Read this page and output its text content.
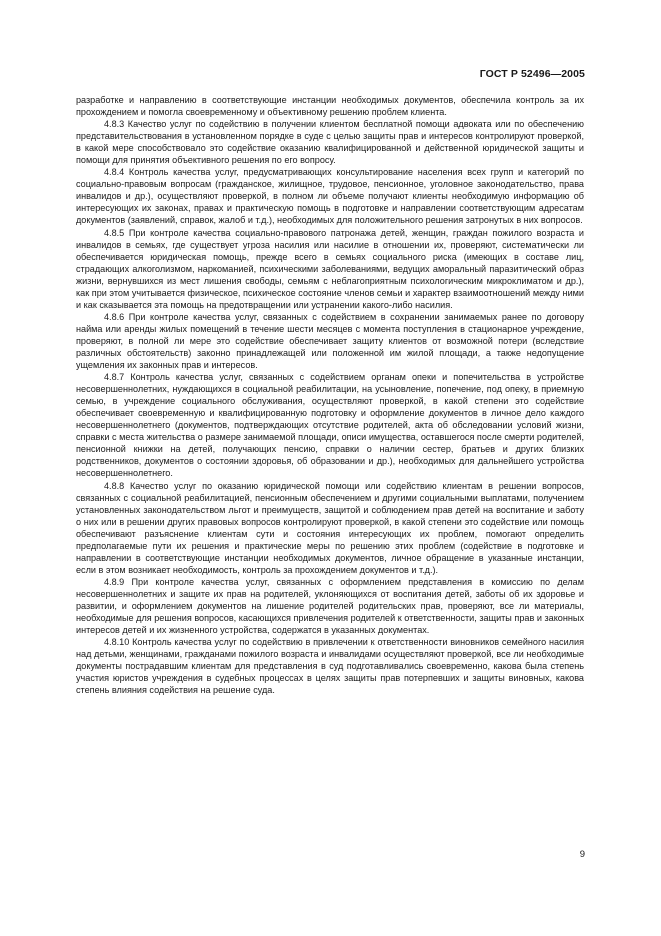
ГОСТ Р 52496—2005

разработке и направлению в соответствующие инстанции необходимых документов, обеспечила контроль за их прохождением и помогла своевременному и объективному решению проблем клиента.

4.8.3 Качество услуг по содействию в получении клиентом бесплатной помощи адвоката или по обеспечению представительствования в установленном порядке в суде с целью защиты прав и интересов контролируют проверкой, в какой мере способствовало это содействие оказанию квалифицированной и действенной юридической защиты и помощи для принятия объективного решения по его вопросу.

4.8.4 Контроль качества услуг, предусматривающих консультирование населения всех групп и категорий по социально-правовым вопросам (гражданское, жилищное, трудовое, пенсионное, уголовное законодательство, права инвалидов и др.), осуществляют проверкой, в полном ли объеме получают клиенты необходимую информацию об интересующих их законах, правах и практическую помощь в подготовке и направлении соответствующим адресатам документов (заявлений, справок, жалоб и т.д.), необходимых для положительного решения затронутых в них вопросов.

4.8.5 При контроле качества социально-правового патронажа детей, женщин, граждан пожилого возраста и инвалидов в семьях, где существует угроза насилия или насилие в отношении их, проверяют, систематически ли обеспечивается юридическая помощь, прежде всего в семьях социального риска (имеющих в составе лиц, страдающих алкоголизмом, наркоманией, психическими заболеваниями, ведущих аморальный паразитический образ жизни, вернувшихся из мест лишения свободы, семьям с неблагоприятным психологическим микроклиматом и др.), как при этом учитывается физическое, психическое состояние членов семьи и характер взаимоотношений между ними и как сказывается эта помощь на предотвращении или устранении какого-либо насилия.

4.8.6 При контроле качества услуг, связанных с содействием в сохранении занимаемых ранее по договору найма или аренды жилых помещений в течение шести месяцев с момента поступления в стационарное учреждение, проверяют, в полной ли мере это содействие обеспечивает защиту клиентов от возможной потери (вследствие различных обстоятельств) законно принадлежащей или положенной им жилой площади, а также недопущение ущемления их законных прав и интересов.

4.8.7 Контроль качества услуг, связанных с содействием органам опеки и попечительства в устройстве несовершеннолетних, нуждающихся в социальной реабилитации, на усыновление, попечение, под опеку, в приемную семью, в учреждение социального обслуживания, осуществляют проверкой, в какой степени это содействие обеспечивает своевременную и квалифицированную подготовку и оформление документов в личное дело каждого несовершеннолетнего (документов, подтверждающих отсутствие родителей, акта об обследовании условий жизни, справки с места жительства о размере занимаемой площади, описи имущества, оставшегося после смерти родителей, пенсионной книжки на детей, получающих пенсию, справки о наличии сестер, братьев и других близких родственников, документов о состоянии здоровья, об образовании и др.), необходимых для дальнейшего устройства несовершеннолетнего.

4.8.8 Качество услуг по оказанию юридической помощи или содействию клиентам в решении вопросов, связанных с социальной реабилитацией, пенсионным обеспечением и другими социальными выплатами, получением установленных законодательством льгот и преимуществ, защитой и соблюдением прав детей на воспитание и заботу о них или в решении других правовых вопросов контролируют проверкой, в какой степени это содействие или помощь обеспечивают разъяснение клиентам сути и состояния интересующих их проблем, помогают определить предполагаемые пути их решения и практические меры по решению этих проблем (содействие в подготовке и направлении в соответствующие инстанции необходимых документов, личное обращение в указанные инстанции, если в этом возникает необходимость, контроль за прохождением документов и т.д.).

4.8.9 При контроле качества услуг, связанных с оформлением представления в комиссию по делам несовершеннолетних и защите их прав на родителей, уклоняющихся от воспитания детей, заботы об их здоровье и развитии, и оформлением документов на лишение родителей родительских прав, проверяют, все ли материалы, необходимые для решения вопросов, касающихся привлечения родителей к ответственности, защиты прав и законных интересов детей и их жизненного устройства, содержатся в указанных документах.

4.8.10 Контроль качества услуг по содействию в привлечении к ответственности виновников семейного насилия над детьми, женщинами, гражданами пожилого возраста и инвалидами осуществляют проверкой, все ли необходимые документы пострадавшим клиентам для представления в суд подготавливались своевременно, какова была степень участия юристов учреждения в судебных процессах в целях защиты прав потерпевших и защиты виновных, какова степень влияния содействия на решение суда.

9
